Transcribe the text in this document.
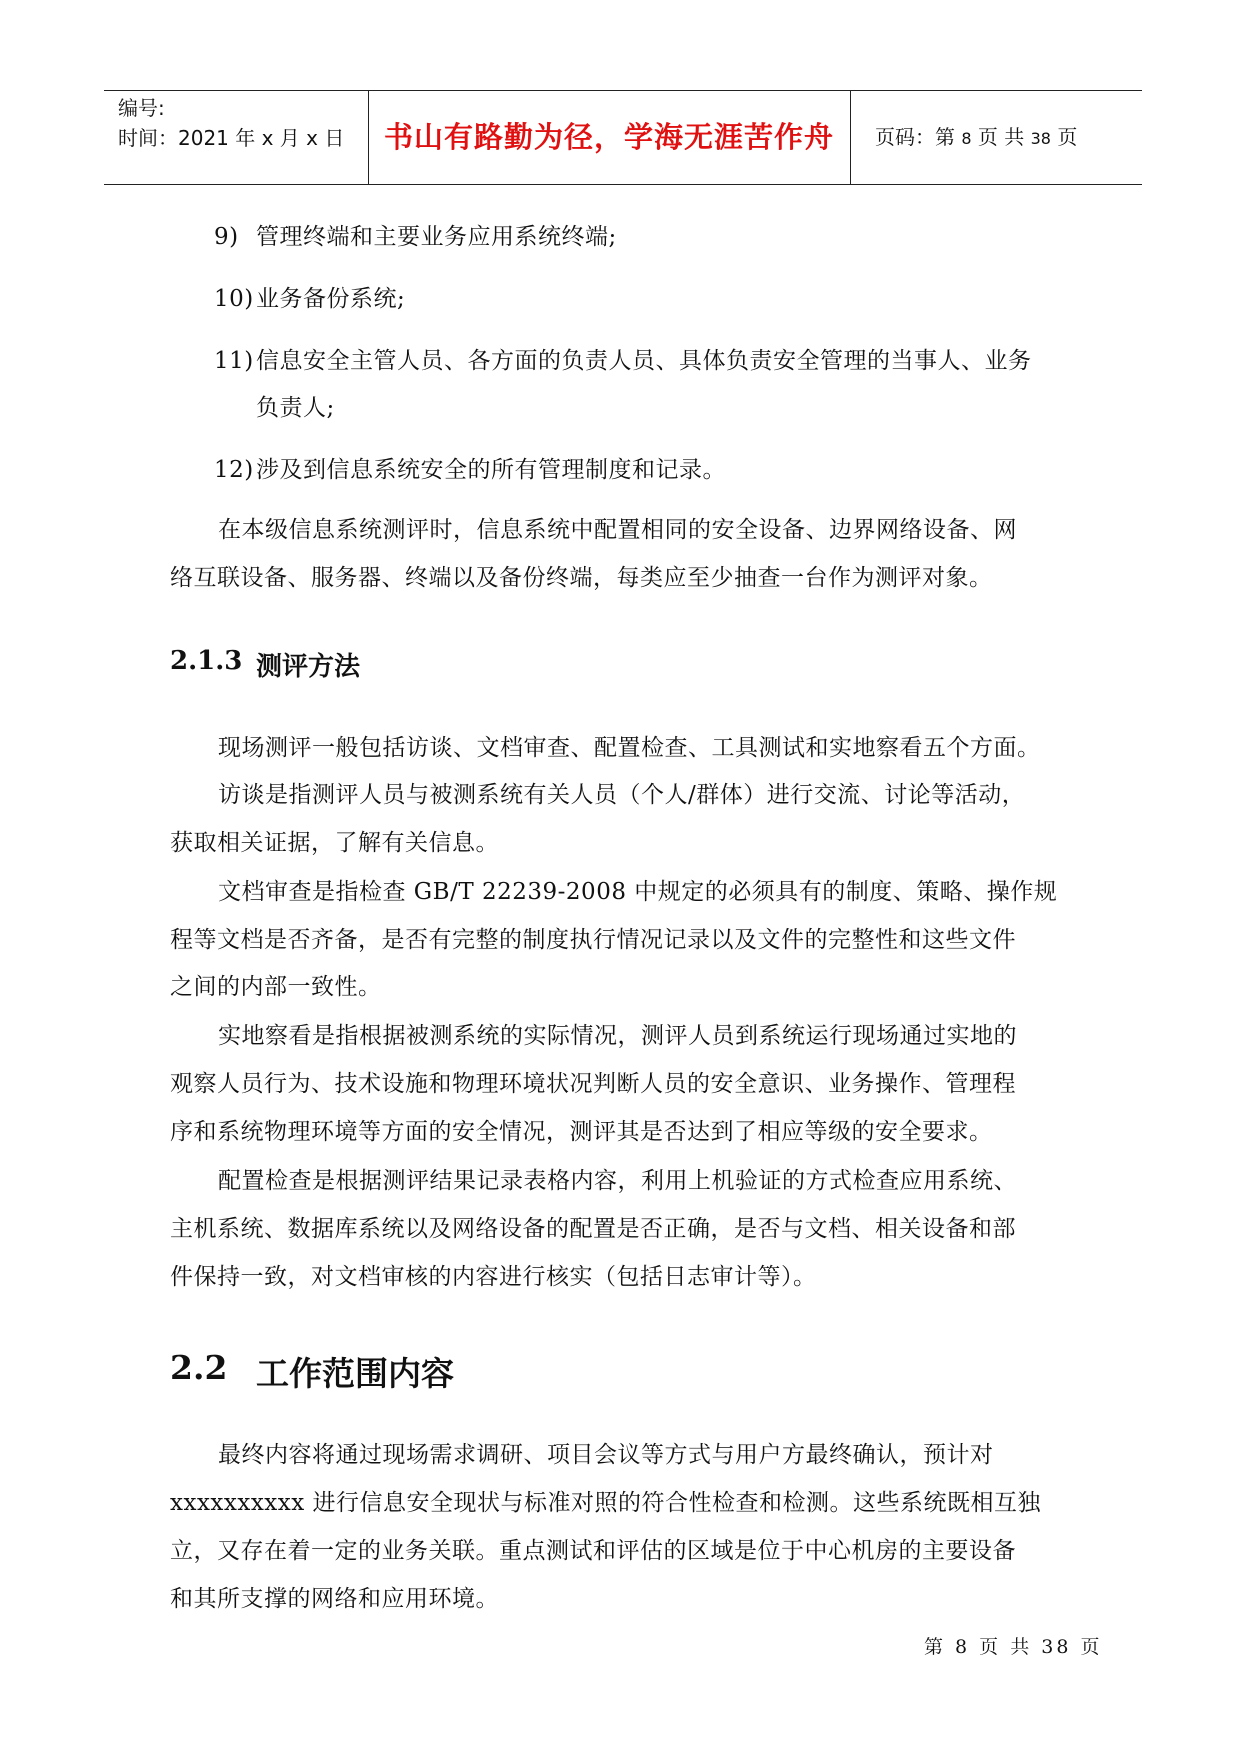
编号:
时间：2021 年 x 月 x 日	书山有路勤为径，学海无涯苦作舟	页码：第 8 页 共 38 页
9) 管理终端和主要业务应用系统终端;
10) 业务备份系统;
11) 信息安全主管人员、各方面的负责人员、具体负责安全管理的当事人、业务
负责人;
12) 涉及到信息系统安全的所有管理制度和记录。
在本级信息系统测评时，信息系统中配置相同的安全设备、边界网络设备、网
络互联设备、服务器、终端以及备份终端，每类应至少抽查一台作为测评对象。
2.1.3 测评方法
现场测评一般包括访谈、文档审查、配置检查、工具测试和实地察看五个方面。
访谈是指测评人员与被测系统有关人员（个人/群体）进行交流、讨论等活动，
获取相关证据，了解有关信息。
文档审查是指检查 GB/T 22239-2008 中规定的必须具有的制度、策略、操作规
程等文档是否齐备，是否有完整的制度执行情况记录以及文件的完整性和这些文件
之间的内部一致性。
实地察看是指根据被测系统的实际情况，测评人员到系统运行现场通过实地的
观察人员行为、技术设施和物理环境状况判断人员的安全意识、业务操作、管理程
序和系统物理环境等方面的安全情况，测评其是否达到了相应等级的安全要求。
配置检查是根据测评结果记录表格内容，利用上机验证的方式检查应用系统、
主机系统、数据库系统以及网络设备的配置是否正确，是否与文档、相关设备和部
件保持一致，对文档审核的内容进行核实（包括日志审计等）。
2.2 工作范围内容
最终内容将通过现场需求调研、项目会议等方式与用户方最终确认，预计对
xxxxxxxxxx 进行信息安全现状与标准对照的符合性检查和检测。这些系统既相互独
立，又存在着一定的业务关联。重点测试和评估的区域是位于中心机房的主要设备
和其所支撑的网络和应用环境。
第 8 页 共 38 页
